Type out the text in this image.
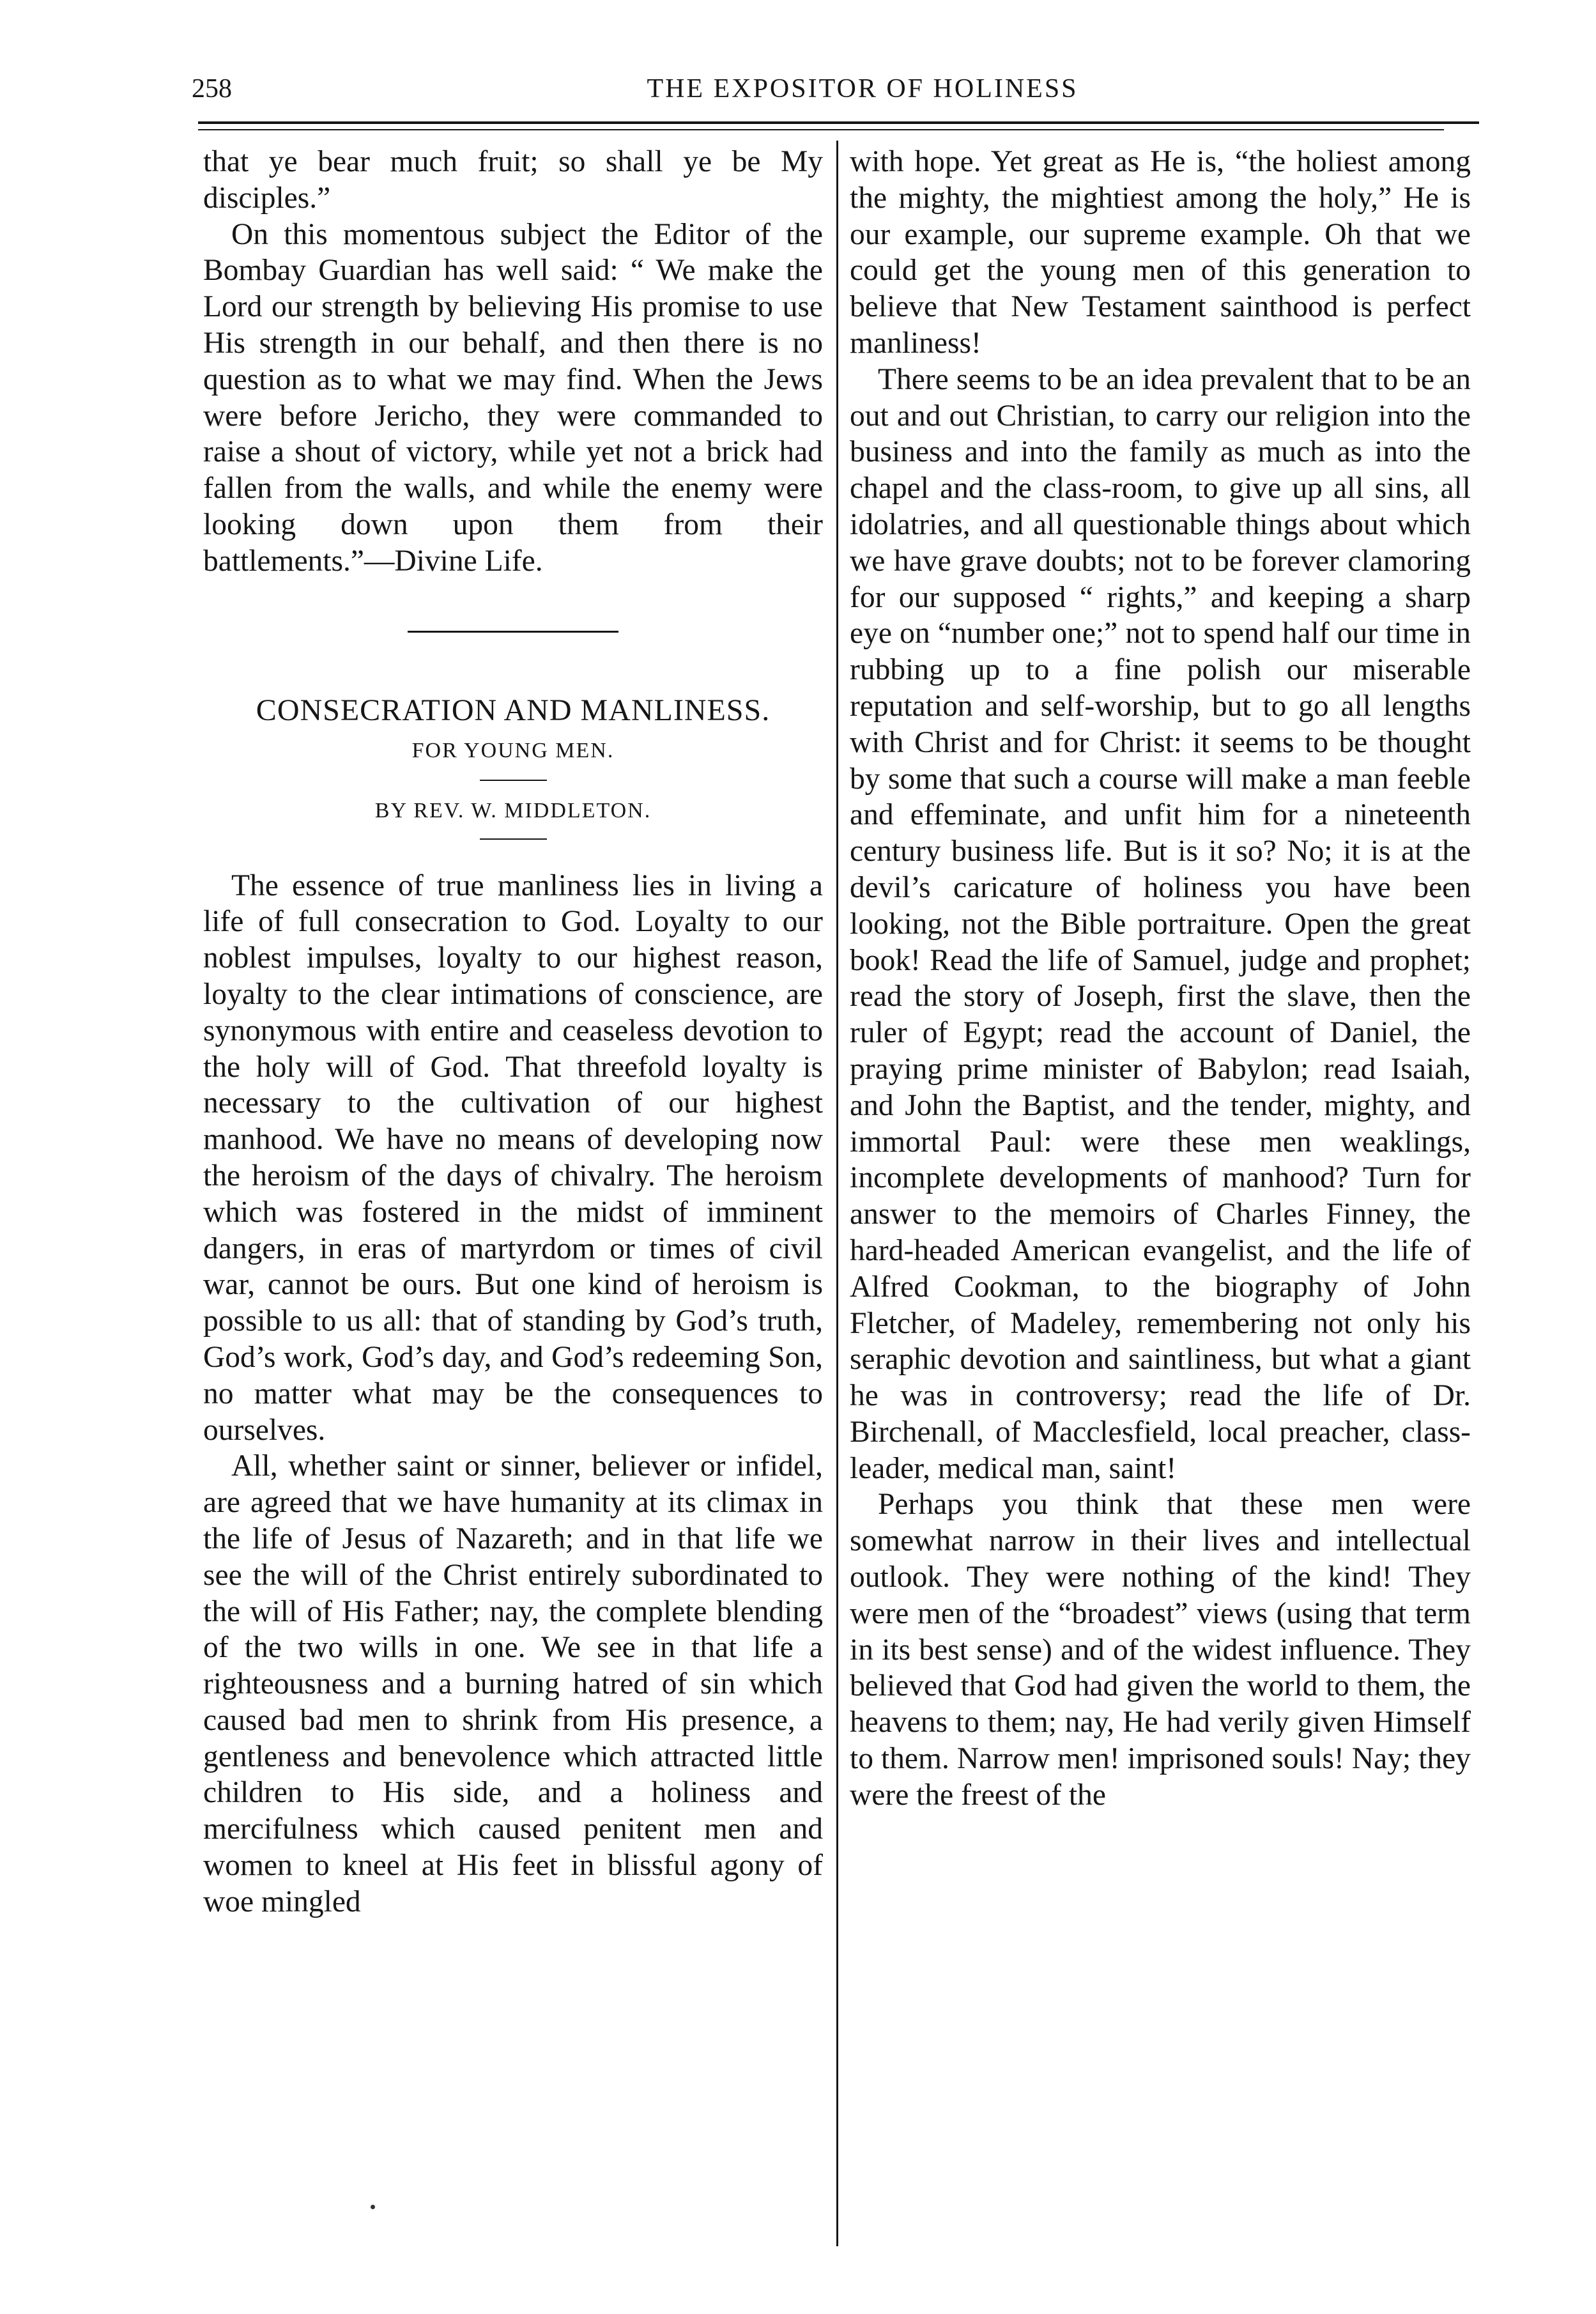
258	THE EXPOSITOR OF HOLINESS

that ye bear much fruit; so shall ye be My disciples.”

On this momentous subject the Editor of the Bombay Guardian has well said: “ We make the Lord our strength by believing His promise to use His strength in our behalf, and then there is no question as to what we may find. When the Jews were before Jericho, they were commanded to raise a shout of victory, while yet not a brick had fallen from the walls, and while the enemy were looking down upon them from their battlements.”—Divine Life.

CONSECRATION AND MANLINESS.
FOR YOUNG MEN.
BY REV. W. MIDDLETON.

The essence of true manliness lies in living a life of full consecration to God. Loyalty to our noblest impulses, loyalty to our highest reason, loyalty to the clear intimations of conscience, are synonymous with entire and ceaseless devotion to the holy will of God. That threefold loyalty is necessary to the cultivation of our highest manhood. We have no means of developing now the heroism of the days of chivalry. The heroism which was fostered in the midst of imminent dangers, in eras of martyrdom or times of civil war, cannot be ours. But one kind of heroism is possible to us all: that of standing by God’s truth, God’s work, God’s day, and God’s redeeming Son, no matter what may be the consequences to ourselves.

All, whether saint or sinner, believer or infidel, are agreed that we have humanity at its climax in the life of Jesus of Nazareth; and in that life we see the will of the Christ entirely subordinated to the will of His Father; nay, the complete blending of the two wills in one. We see in that life a righteousness and a burning hatred of sin which caused bad men to shrink from His presence, a gentleness and benevolence which attracted little children to His side, and a holiness and mercifulness which caused penitent men and women to kneel at His feet in blissful agony of woe mingled

with hope. Yet great as He is, “the holiest among the mighty, the mightiest among the holy,” He is our example, our supreme example. Oh that we could get the young men of this generation to believe that New Testament sainthood is perfect manliness!

There seems to be an idea prevalent that to be an out and out Christian, to carry our religion into the business and into the family as much as into the chapel and the class-room, to give up all sins, all idolatries, and all questionable things about which we have grave doubts; not to be forever clamoring for our supposed “ rights,” and keeping a sharp eye on “number one;” not to spend half our time in rubbing up to a fine polish our miserable reputation and self-worship, but to go all lengths with Christ and for Christ: it seems to be thought by some that such a course will make a man feeble and effeminate, and unfit him for a nineteenth century business life. But is it so? No; it is at the devil’s caricature of holiness you have been looking, not the Bible portraiture. Open the great book! Read the life of Samuel, judge and prophet; read the story of Joseph, first the slave, then the ruler of Egypt; read the account of Daniel, the praying prime minister of Babylon; read Isaiah, and John the Baptist, and the tender, mighty, and immortal Paul: were these men weaklings, incomplete developments of manhood? Turn for answer to the memoirs of Charles Finney, the hard-headed American evangelist, and the life of Alfred Cookman, to the biography of John Fletcher, of Madeley, remembering not only his seraphic devotion and saintliness, but what a giant he was in controversy; read the life of Dr. Birchenall, of Macclesfield, local preacher, class-leader, medical man, saint!

Perhaps you think that these men were somewhat narrow in their lives and intellectual outlook. They were nothing of the kind! They were men of the “broadest” views (using that term in its best sense) and of the widest influence. They believed that God had given the world to them, the heavens to them; nay, He had verily given Himself to them. Narrow men! imprisoned souls! Nay; they were the freest of the
